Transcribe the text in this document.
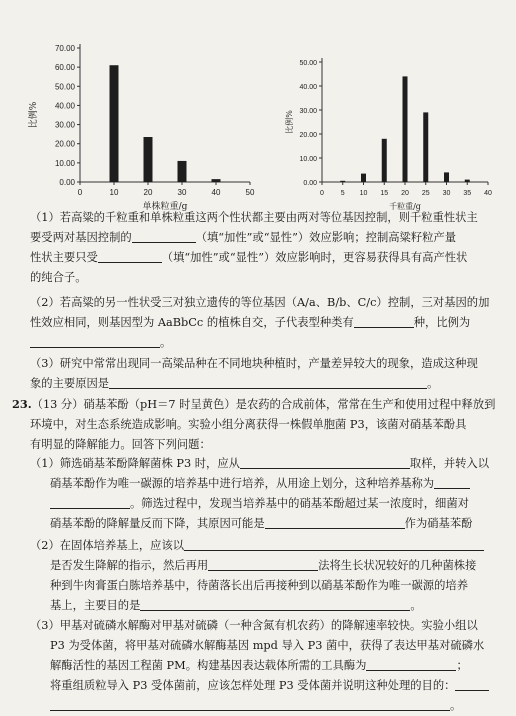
0.00
10.00
20.00
30.00
40.00
50.00
60.00
70.00
0	10	20	30	40	50
单株粒重/g
比例%
0.00
10.00
20.00
30.00
40.00
50.00
0 5 10 15 20 25 30 35 40
千粒重/g
比例%
（1）若高粱的千粒重和单株粒重这两个性状都主要由两对等位基因控制，则千粒重性状主
要受两对基因控制的	（填“加性”或“显性”）效应影响；控制高粱籽粒产量
性状主要只受	（填“加性”或“显性”）效应影响时，更容易获得具有高产性状
的纯合子。
（2）若高粱的另一性状受三对独立遗传的等位基因（A/a、B/b、C/c）控制，三对基因的加
性效应相同，则基因型为 AaBbCc 的植株自交，子代表型种类有	种，比例为
。
（3）研究中常常出现同一高粱品种在不同地块种植时，产量差异较大的现象，造成这种现
象的主要原因是	。
23.（13 分）硝基苯酚（pH＝7 时呈黄色）是农药的合成前体，常常在生产和使用过程中释放到
环境中，对生态系统造成影响。实验小组分离获得一株假单胞菌 P3，该菌对硝基苯酚具
有明显的降解能力。回答下列问题：
（1）筛选硝基苯酚降解菌株 P3 时，应从	取样，并转入以
硝基苯酚作为唯一碳源的培养基中进行培养，从用途上划分，这种培养基称为
。筛选过程中，发现当培养基中的硝基苯酚超过某一浓度时，细菌对
硝基苯酚的降解量反而下降，其原因可能是	作为硝基苯酚
（2）在固体培养基上，应该以
是否发生降解的指示，然后再用	法将生长状况较好的几种菌株接
种到牛肉膏蛋白胨培养基中，待菌落长出后再接种到以硝基苯酚作为唯一碳源的培养
基上，主要目的是	。
（3）甲基对硫磷水解酶对甲基对硫磷（一种含氮有机农药）的降解速率较快。实验小组以
P3 为受体菌，将甲基对硫磷水解酶基因 mpd 导入 P3 菌中，获得了表达甲基对硫磷水
解酶活性的基因工程菌 PM。构建基因表达载体所需的工具酶为	；
将重组质粒导入 P3 受体菌前，应该怎样处理 P3 受体菌并说明这种处理的目的：
。
